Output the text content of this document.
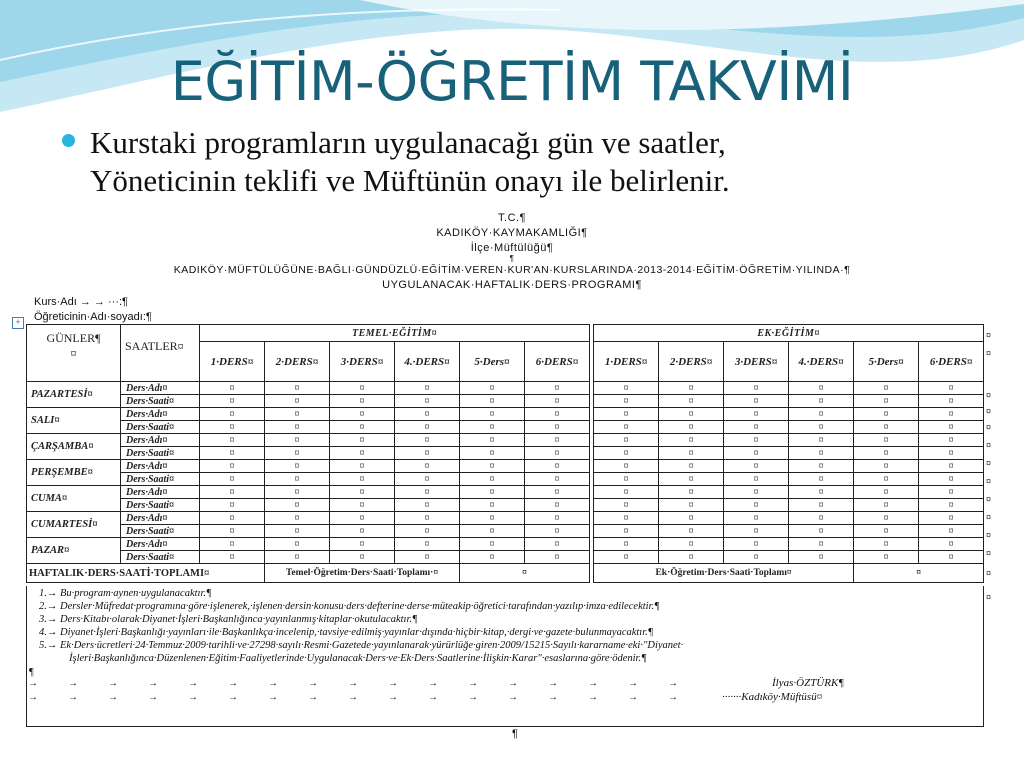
EĞİTİM-ÖĞRETİM TAKVİMİ
Kurstaki programların uygulanacağı gün ve saatler,
Yöneticinin teklifi ve Müftünün onayı ile belirlenir.
T.C.¶
KADIKÖY·KAYMAKAMLIĞI¶
İlçe·Müftülüğü¶
¶
KADIKÖY·MÜFTÜLÜĞÜNE·BAĞLI·GÜNDÜZLÜ·EĞİTİM·VEREN·KUR'AN·KURSLARINDA·2013-2014·EĞİTİM·ÖĞRETİM·YILINDA·¶
UYGULANACAK·HAFTALIK·DERS·PROGRAMI¶
Kurs·Adı → → ···:¶
Öğreticinin·Adı·soyadı:¶
+
GÜNLER¶
¤	SAATLER¤	TEMEL·EĞİTİM¤							EK·EĞİTİM¤					
		1·DERS¤	2·DERS¤	3·DERS¤	4.·DERS¤	5·Ders¤	6·DERS¤		1·DERS¤	2·DERS¤	3·DERS¤	4.·DERS¤	5·Ders¤	6·DERS¤
PAZARTESİ¤	Ders·Adı¤	¤	¤	¤	¤	¤	¤		¤	¤	¤	¤	¤	¤
	Ders·Saati¤	¤	¤	¤	¤	¤	¤		¤	¤	¤	¤	¤	¤
SALI¤	Ders·Adı¤	¤	¤	¤	¤	¤	¤		¤	¤	¤	¤	¤	¤
	Ders·Saati¤	¤	¤	¤	¤	¤	¤		¤	¤	¤	¤	¤	¤
ÇARŞAMBA¤	Ders·Adı¤	¤	¤	¤	¤	¤	¤		¤	¤	¤	¤	¤	¤
	Ders·Saati¤	¤	¤	¤	¤	¤	¤		¤	¤	¤	¤	¤	¤
PERŞEMBE¤	Ders·Adı¤	¤	¤	¤	¤	¤	¤		¤	¤	¤	¤	¤	¤
	Ders·Saati¤	¤	¤	¤	¤	¤	¤		¤	¤	¤	¤	¤	¤
CUMA¤	Ders·Adı¤	¤	¤	¤	¤	¤	¤		¤	¤	¤	¤	¤	¤
	Ders·Saati¤	¤	¤	¤	¤	¤	¤		¤	¤	¤	¤	¤	¤
CUMARTESİ¤	Ders·Adı¤	¤	¤	¤	¤	¤	¤		¤	¤	¤	¤	¤	¤
	Ders·Saati¤	¤	¤	¤	¤	¤	¤		¤	¤	¤	¤	¤	¤
PAZAR¤	Ders·Adı¤	¤	¤	¤	¤	¤	¤		¤	¤	¤	¤	¤	¤
	Ders·Saati¤	¤	¤	¤	¤	¤	¤		¤	¤	¤	¤	¤	¤
HAFTALIK·DERS·SAATİ·TOPLAMI¤			Temel·Öğretim·Ders·Saati·Toplamı·¤			¤			Ek·Öğretim·Ders·Saati·Toplamı¤				¤	
1.→ Bu·program·aynen·uygulanacaktır.¶
2.→ Dersler·Müfredat·programına·göre·işlenerek,·işlenen·dersin·konusu·ders·defterine·derse·müteakip·öğretici·tarafından·yazılıp·imza·edilecektir.¶
3.→ Ders·Kitabı·olarak·Diyanet·İşleri·Başkanlığınca·yayınlanmış·kitaplar·okutulacaktır.¶
4.→ Diyanet·İşleri·Başkanlığı·yayınları·ile·Başkanlıkça·incelenip,·tavsiye·edilmiş·yayınlar·dışında·hiçbir·kitap,·dergi·ve·gazete·bulunmayacaktır.¶
5.→ Ek·Ders·ücretleri·24·Temmuz·2009·tarihli·ve·27298·sayılı·Resmi·Gazetede·yayınlanarak·yürürlüğe·giren·2009/15215·Sayılı·kararname·eki·"Diyanet·
İşleri·Başkanlığınca·Düzenlenen·Eğitim·Faaliyetlerinde·Uygulanacak·Ders·ve·Ek·Ders·Saatlerine·İlişkin·Karar"·esaslarına·göre·ödenir.¶
¶
→→→→→→→→→→→→→→→→→	İlyas·ÖZTÜRK¶
→→→→→→→→→→→→→→→→→ ·······Kadıköy·Müftüsü¤
¶
¤
¤
¤
¤
¤
¤
¤
¤
¤
¤
¤
¤
¤
¤
